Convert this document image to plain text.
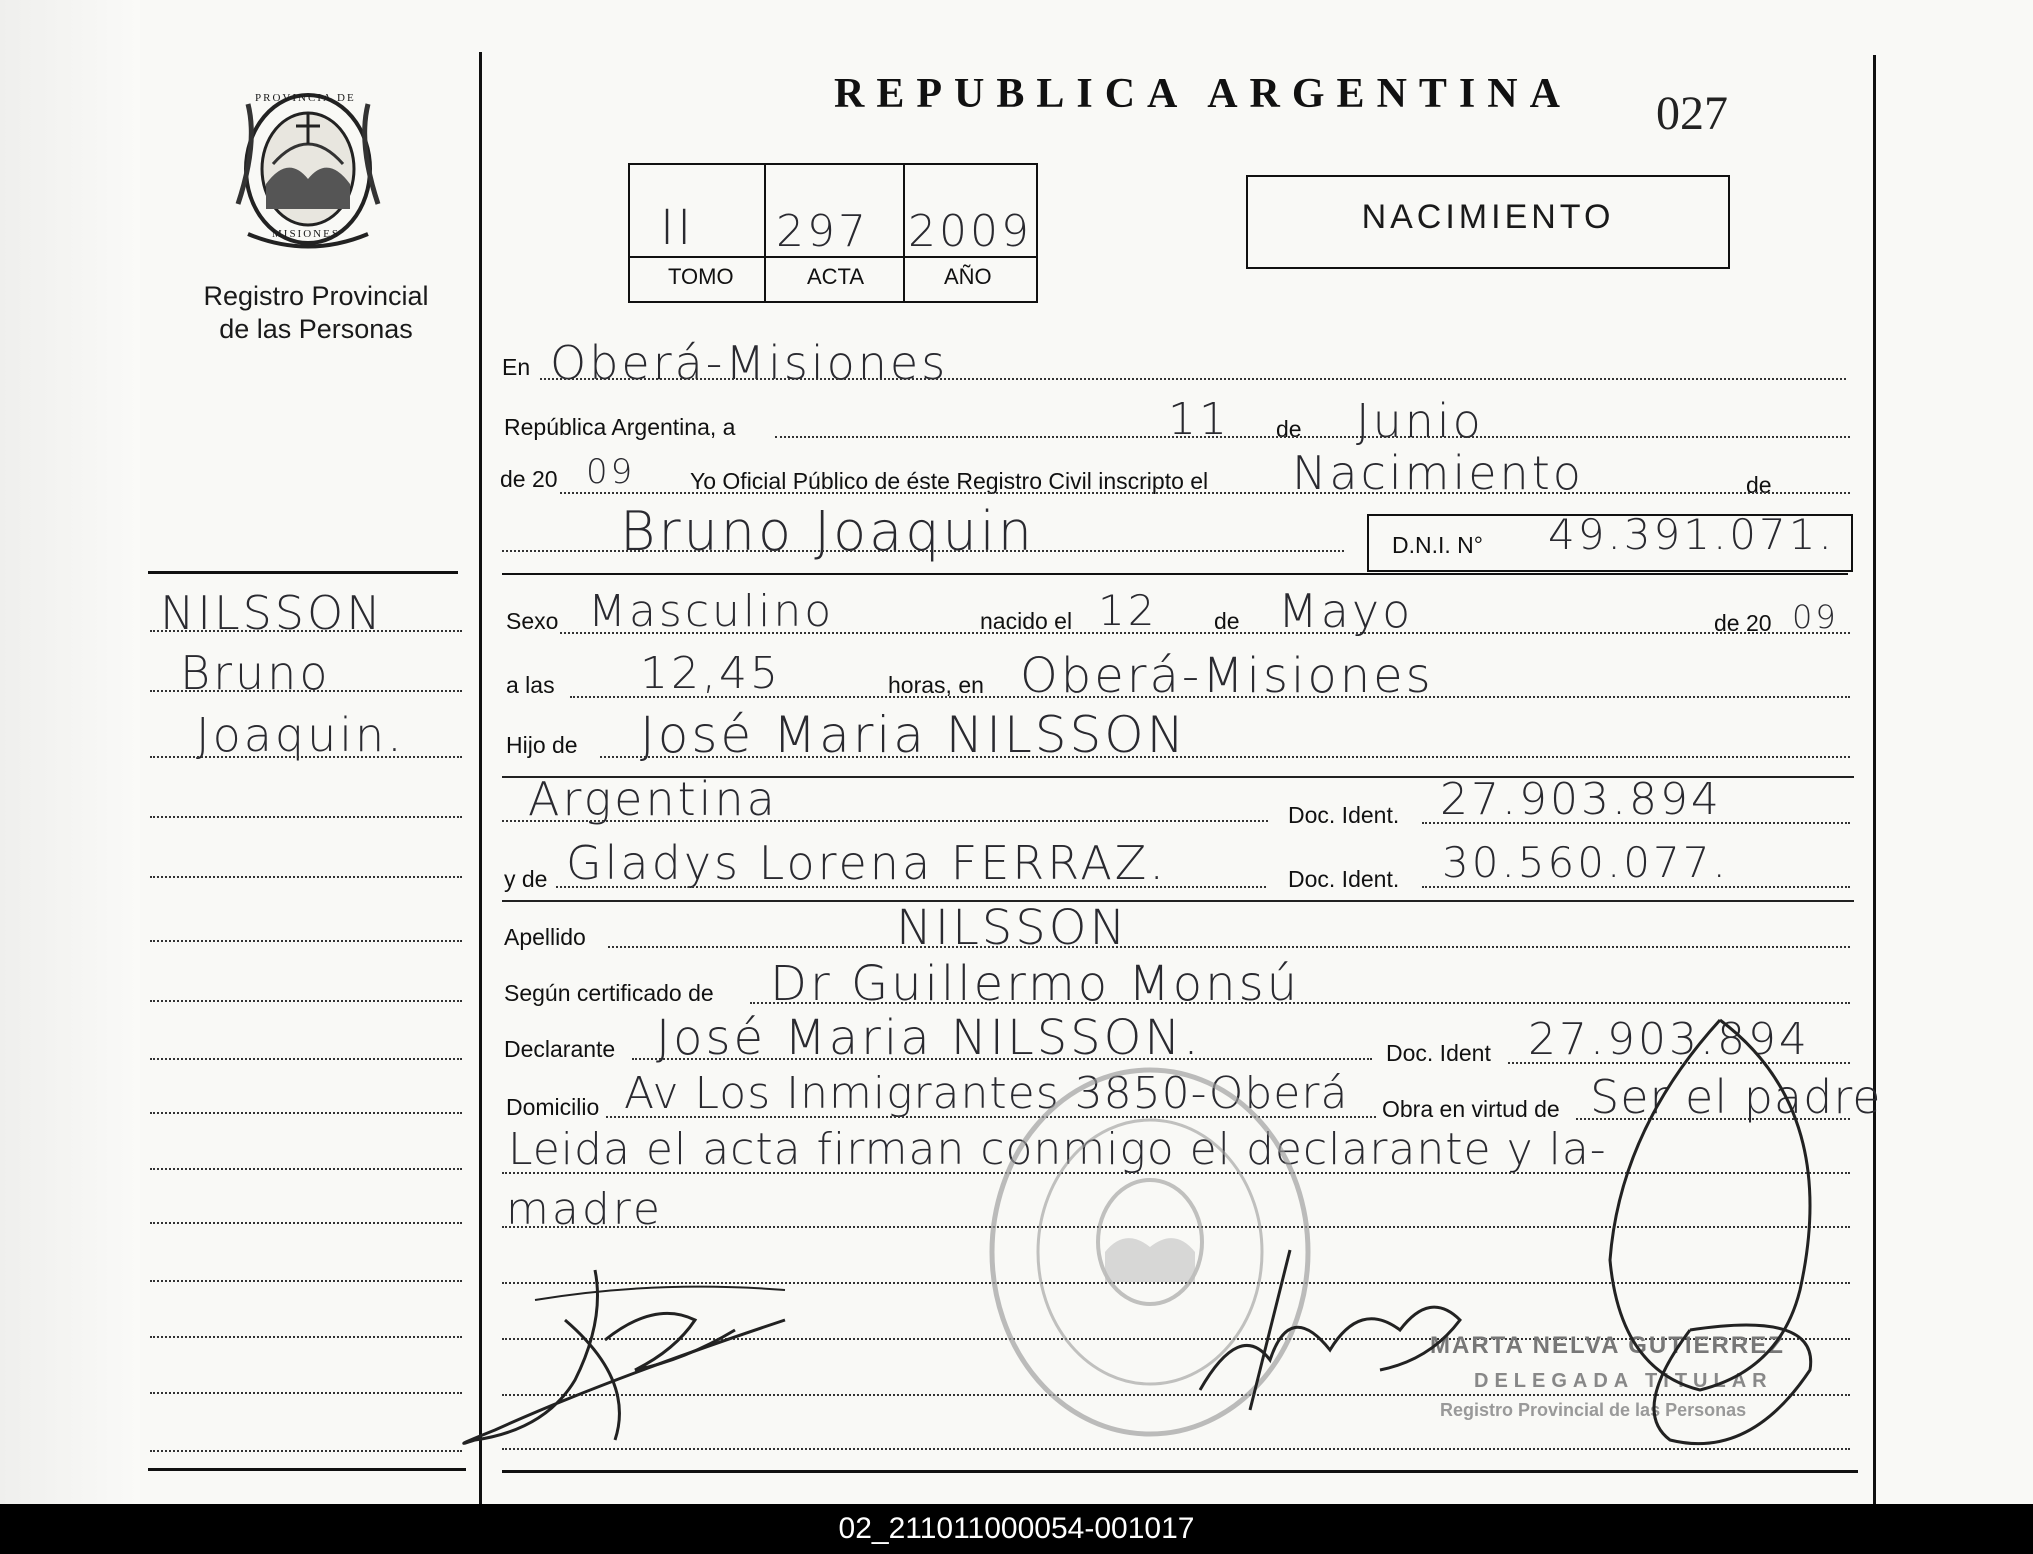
PROVINCIA DE
MISIONES
Registro Provincial
de las Personas
REPUBLICA ARGENTINA 027
II 297 2009
TOMO	ACTA	AÑO
NACIMIENTO
NILSSON
Bruno
Joaquin.
En Oberá-Misiones
República Argentina, a	11 de Junio
de 20 09 Yo Oficial Público de éste Registro Civil inscripto el Nacimiento	de
Bruno Joaquin	D.N.I. N° 49.391.071.
Sexo Masculino	nacido el 12 de Mayo	de 20 09
a las 12,45	horas, en Oberá-Misiones
Hijo de José Maria NILSSON
Argentina	Doc. Ident. 27.903.894
y de Gladys Lorena FERRAZ.	Doc. Ident. 30.560.077.
Apellido	NILSSON
Según certificado de Dr Guillermo Monsú
Declarante José Maria NILSSON.	Doc. Ident 27.903.894
Domicilio Av Los Inmigrantes 3850-Oberá Obra en virtud de Ser el padre
Leida el acta firman conmigo el declarante y la-
madre
MARTA NELVA GUTIERREZ
DELEGADA TITULAR
Registro Provincial de las Personas
02_211011000054-001017
